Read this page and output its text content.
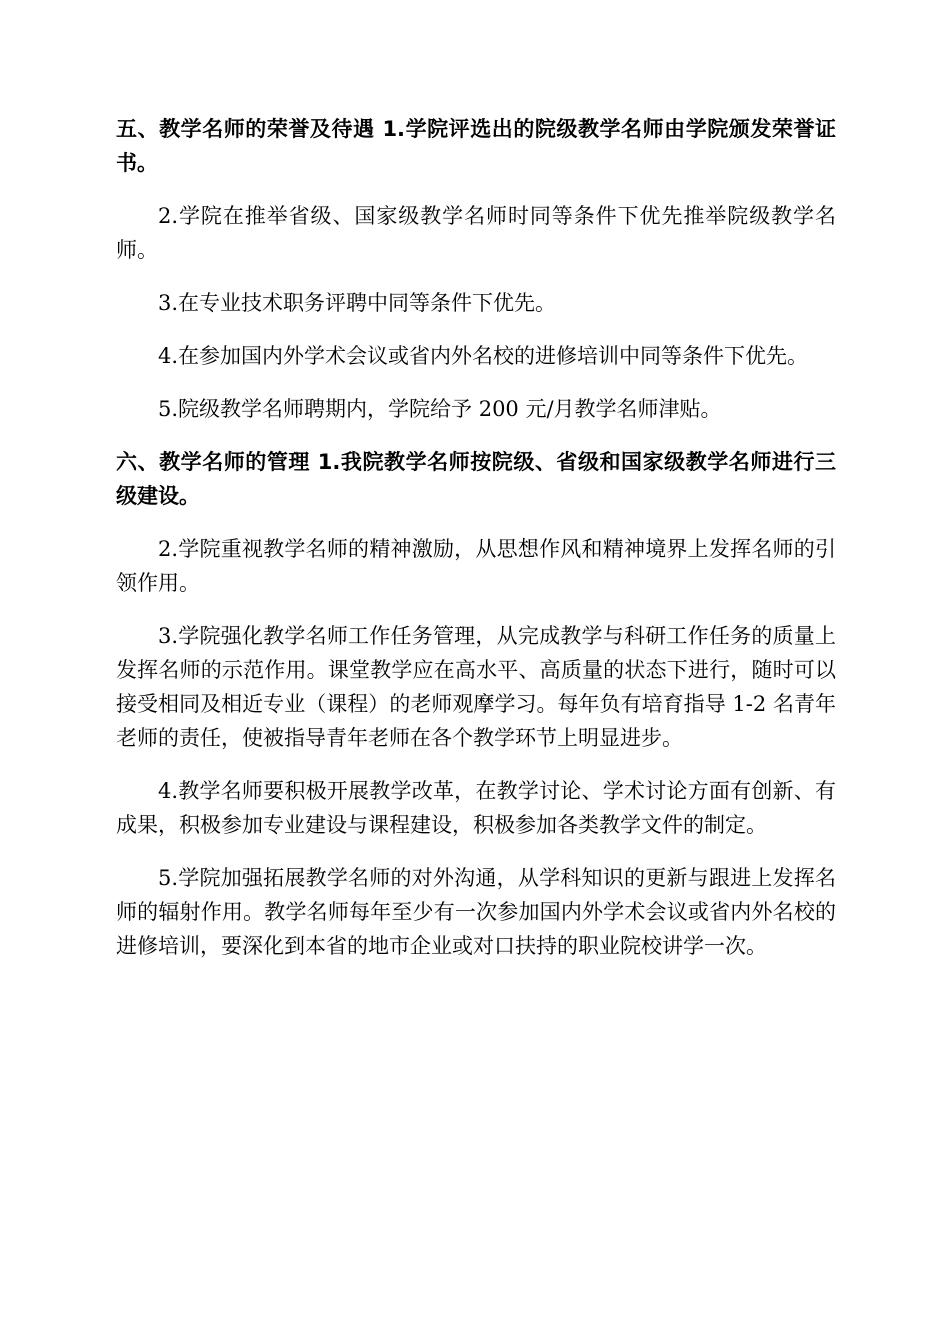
五、教学名师的荣誉及待遇 1.学院评选出的院级教学名师由学院颁发荣誉证书。

2.学院在推举省级、国家级教学名师时同等条件下优先推举院级教学名师。

3.在专业技术职务评聘中同等条件下优先。

4.在参加国内外学术会议或省内外名校的进修培训中同等条件下优先。

5.院级教学名师聘期内，学院给予 200 元/月教学名师津贴。

六、教学名师的管理 1.我院教学名师按院级、省级和国家级教学名师进行三级建设。

2.学院重视教学名师的精神激励，从思想作风和精神境界上发挥名师的引领作用。

3.学院强化教学名师工作任务管理，从完成教学与科研工作任务的质量上发挥名师的示范作用。课堂教学应在高水平、高质量的状态下进行，随时可以接受相同及相近专业（课程）的老师观摩学习。每年负有培育指导 1-2 名青年老师的责任，使被指导青年老师在各个教学环节上明显进步。

4.教学名师要积极开展教学改革，在教学讨论、学术讨论方面有创新、有成果，积极参加专业建设与课程建设，积极参加各类教学文件的制定。

5.学院加强拓展教学名师的对外沟通，从学科知识的更新与跟进上发挥名师的辐射作用。教学名师每年至少有一次参加国内外学术会议或省内外名校的进修培训，要深化到本省的地市企业或对口扶持的职业院校讲学一次。
